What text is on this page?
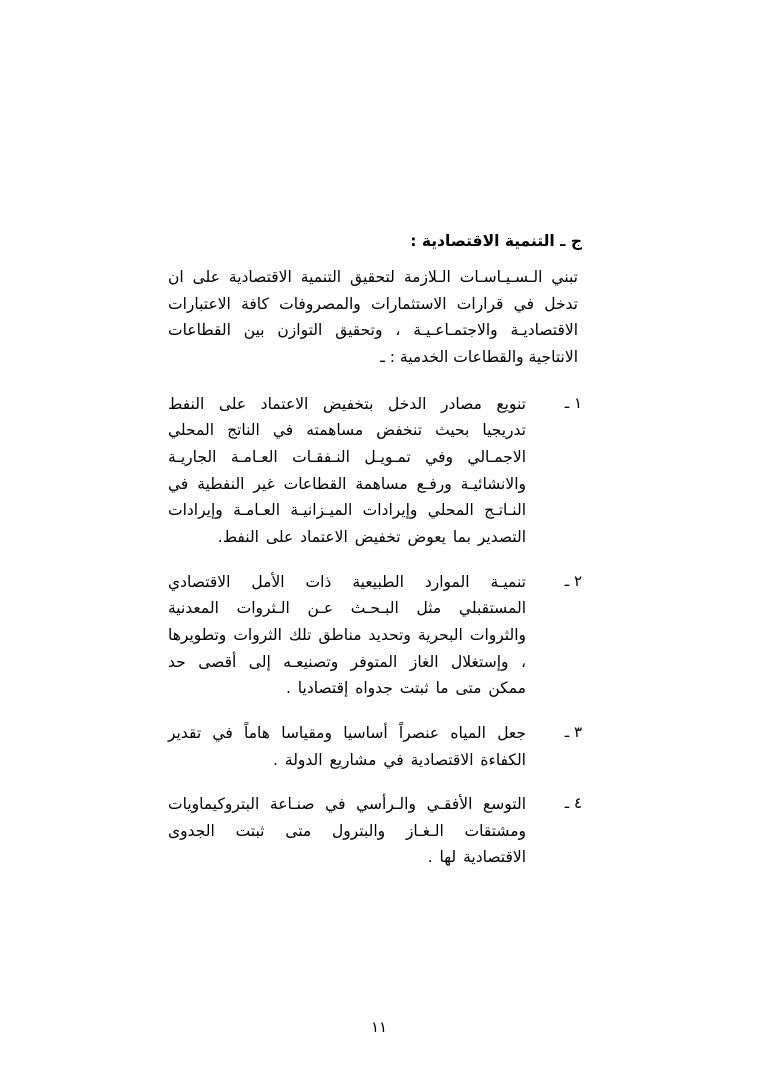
ج ـ التنمية الاقتصادية :

تبني الـسـيـاسـات الـلازمة لتحقيق التنمية الاقتصادية على ان تدخل في قرارات الاستثمارات والمصروفات كافة الاعتبارات الاقتصاديـة والاجتمـاعـيـة ، وتحقيق التوازن بين القطاعات الانتاجية والقطاعات الخدمية : ـ

١ ـ
تنويع مصادر الدخل بتخفيض الاعتماد على النفط تدريجيا بحيث تنخفض مساهمته في الناتج المحلي الاجمـالي وفي تمـويـل النـفقـات العـامـة الجاريـة والانشائيـة ورفـع مساهمة القطاعات غير النفطية في النـاتـج المحلي وإيرادات الميـزانيـة العـامـة وإيرادات التصدير بما يعوض تخفيض الاعتماد على النفط.
٢ ـ
تنميـة الموارد الطبيعية ذات الأمل الاقتصادي المستقبلي مثل البـحـث عـن الـثروات المعدنية والثروات البحرية وتحديد مناطق تلك الثروات وتطويرها ، وإستغلال الغاز المتوفر وتصنيعـه إلى أقصى حد ممكن متى ما ثبتت جدواه إقتصاديا .
٣ ـ
جعل المياه عنصراً أساسيا ومقياسا هاماً في تقدير الكفاءة الاقتصادية في مشاريع الدولة .
٤ ـ
التوسع الأفقـي والـرأسي في صنـاعة البتروكيماويات ومشتقات الـغـاز والبترول متى ثبتت الجدوى الاقتصادية لها .
١١
